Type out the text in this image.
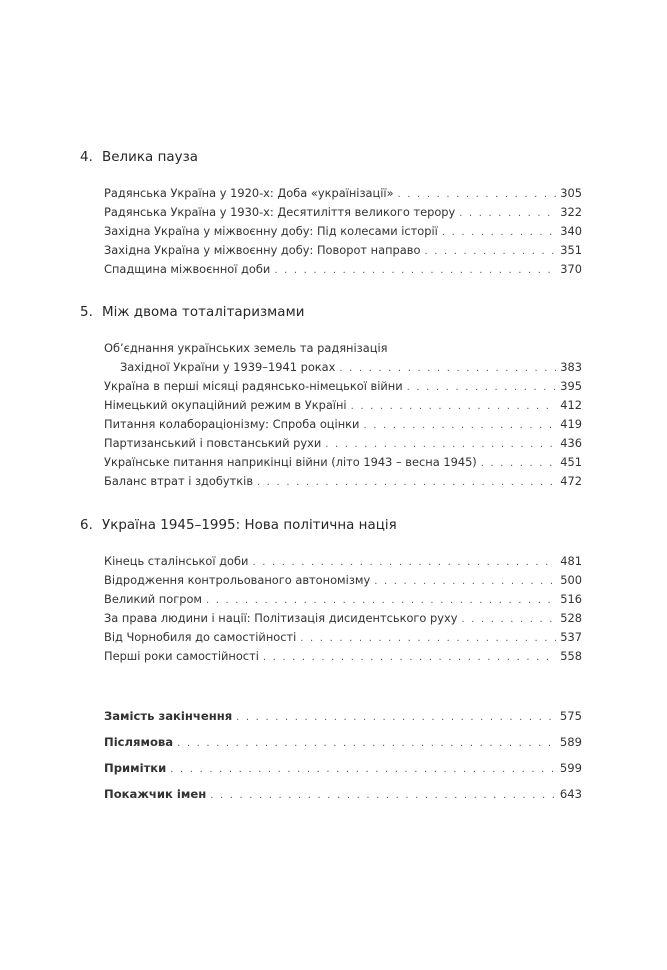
4. Велика пауза
Радянська Україна у 1920-х: Доба «українізації» . . .	305
Радянська Україна у 1930-х: Десятиліття великого терору . . .	322
Західна Україна у міжвоєнну добу: Під колесами історії . . .	340
Західна Україна у міжвоєнну добу: Поворот направо . . .	351
Спадщина міжвоєнної доби . . .	370
5. Між двома тоталітаризмами
Об’єднання українських земель та радянізація
Західної України у 1939–1941 роках . . .	383
Україна в перші місяці радянсько-німецької війни . . .	395
Німецький окупаційний режим в Україні . . .	412
Питання колабораціонізму: Спроба оцінки . . .	419
Партизанський і повстанський рухи . . .	436
Українське питання наприкінці війни (літо 1943 – весна 1945) . . .	451
Баланс втрат і здобутків . . .	472
6. Україна 1945–1995: Нова політична нація
Кінець сталінської доби . . .	481
Відродження контрольованого автономізму . . .	500
Великий погром . . .	516
За права людини і нації: Політизація дисидентського руху . . .	528
Від Чорнобиля до самостійності . . .	537
Перші роки самостійності . . .	558
Замість закінчення . . .	575
Післямова . . .	589
Примітки . . .	599
Покажчик імен . . .	643
